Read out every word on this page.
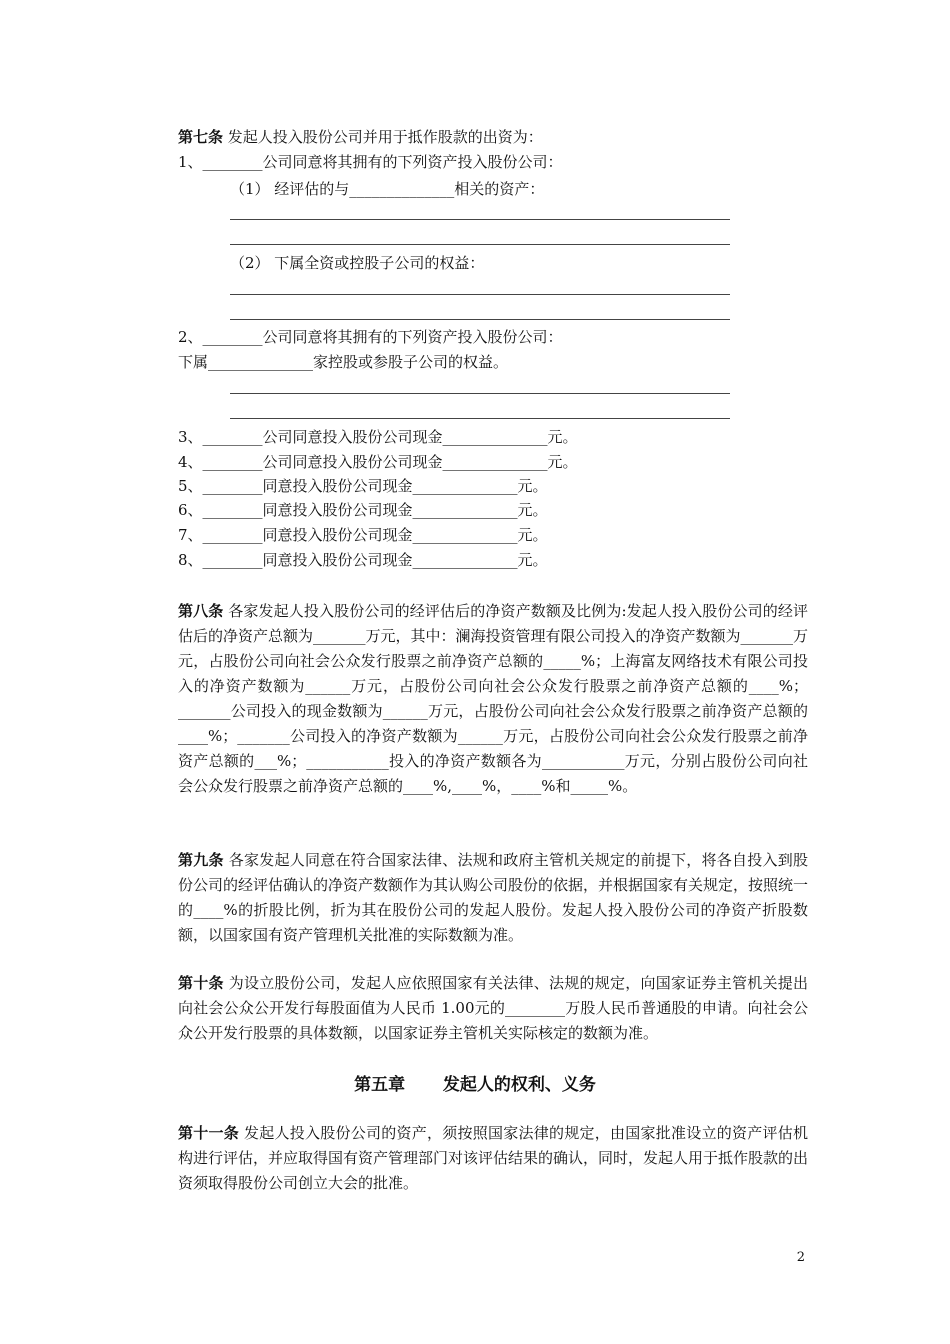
第七条 发起人投入股份公司并用于抵作股款的出资为：
1、________公司同意将其拥有的下列资产投入股份公司：
（1） 经评估的与______________相关的资产：
（2） 下属全资或控股子公司的权益：
2、________公司同意将其拥有的下列资产投入股份公司：
下属______________家控股或参股子公司的权益。
3、________公司同意投入股份公司现金______________元。
4、________公司同意投入股份公司现金______________元。
5、________同意投入股份公司现金______________元。
6、________同意投入股份公司现金______________元。
7、________同意投入股份公司现金______________元。
8、________同意投入股份公司现金______________元。
第八条 各家发起人投入股份公司的经评估后的净资产数额及比例为:发起人投入股份公司的经评估后的净资产总额为_______万元，其中：澜海投资管理有限公司投入的净资产数额为_______万元，占股份公司向社会公众发行股票之前净资产总额的_____%；上海富友网络技术有限公司投入的净资产数额为______万元，占股份公司向社会公众发行股票之前净资产总额的____%；_______公司投入的现金数额为______万元，占股份公司向社会公众发行股票之前净资产总额的____%；_______公司投入的净资产数额为______万元，占股份公司向社会公众发行股票之前净资产总额的___%；___________投入的净资产数额各为___________万元，分别占股份公司向社会公众发行股票之前净资产总额的____%,____%，____%和_____%。
第九条 各家发起人同意在符合国家法律、法规和政府主管机关规定的前提下，将各自投入到股份公司的经评估确认的净资产数额作为其认购公司股份的依据，并根据国家有关规定，按照统一的____%的折股比例，折为其在股份公司的发起人股份。发起人投入股份公司的净资产折股数额，以国家国有资产管理机关批准的实际数额为准。
第十条 为设立股份公司，发起人应依照国家有关法律、法规的规定，向国家证券主管机关提出向社会公众公开发行每股面值为人民币 1.00元的________万股人民币普通股的申请。向社会公众公开发行股票的具体数额，以国家证券主管机关实际核定的数额为准。
第五章 发起人的权利、义务
第十一条 发起人投入股份公司的资产，须按照国家法律的规定，由国家批准设立的资产评估机构进行评估，并应取得国有资产管理部门对该评估结果的确认，同时，发起人用于抵作股款的出资须取得股份公司创立大会的批准。
2
